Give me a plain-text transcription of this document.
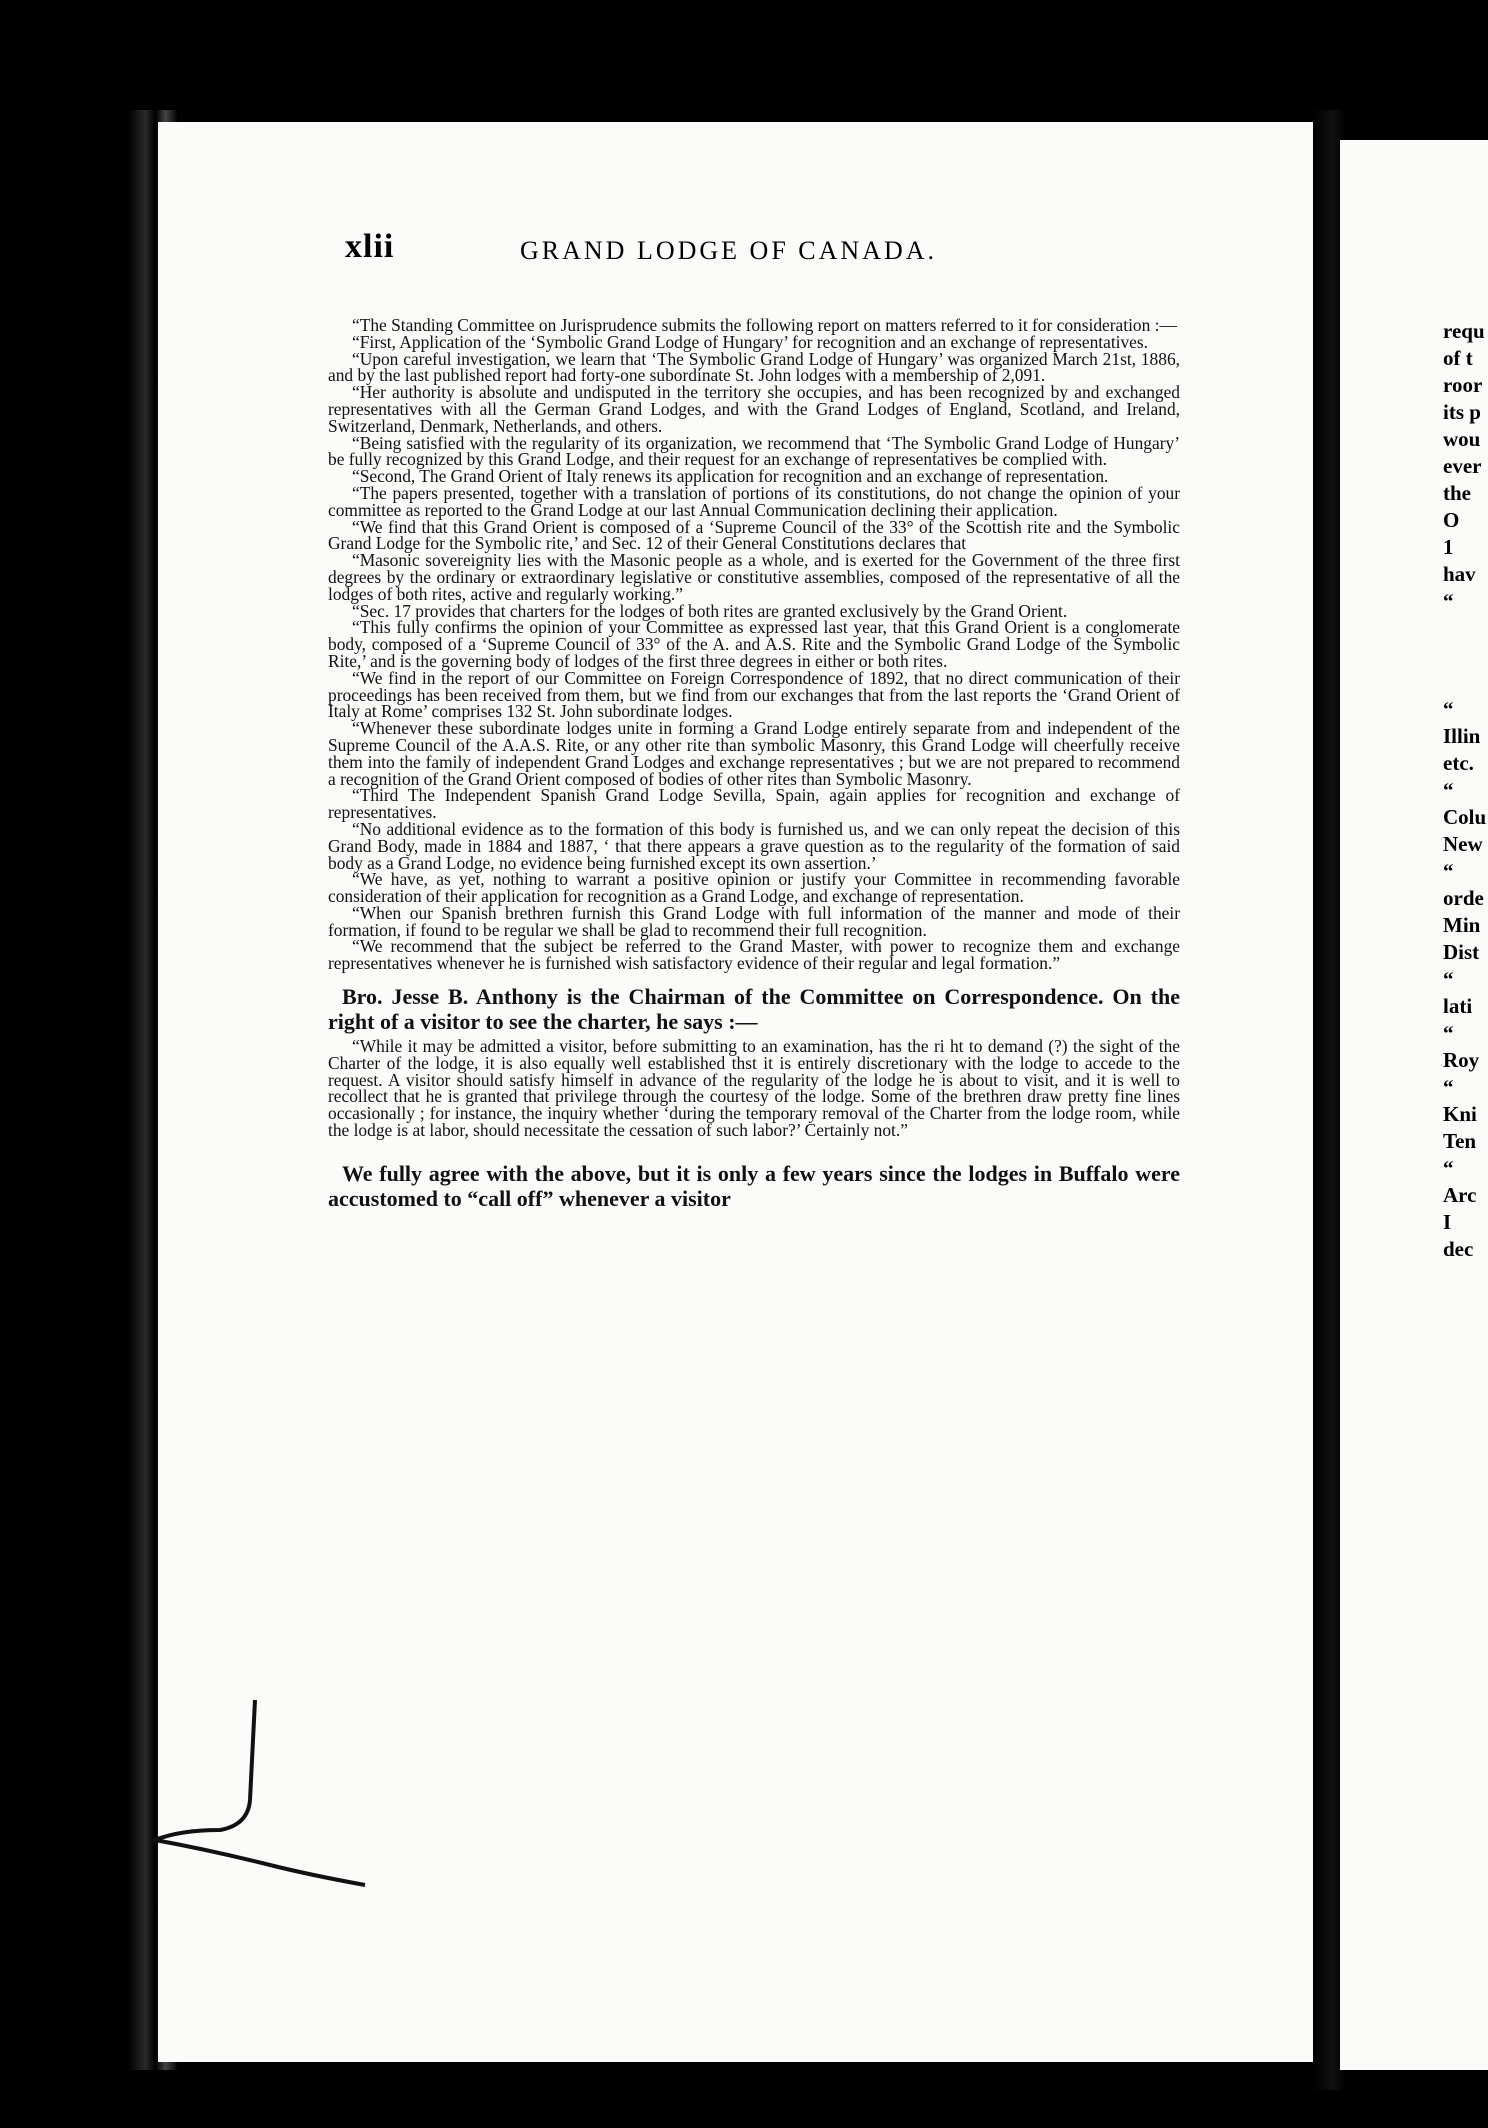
xlii	GRAND LODGE OF CANADA.

“The Standing Committee on Jurisprudence submits the following report on matters referred to it for consideration :—

“First, Application of the ‘Symbolic Grand Lodge of Hungary’ for recognition and an exchange of representatives.

“Upon careful investigation, we learn that ‘The Symbolic Grand Lodge of Hungary’ was organized March 21st, 1886, and by the last published report had forty-one subordinate St. John lodges with a membership of 2,091.

“Her authority is absolute and undisputed in the territory she occupies, and has been recognized by and exchanged representatives with all the German Grand Lodges, and with the Grand Lodges of England, Scotland, and Ireland, Switzerland, Denmark, Netherlands, and others.

“Being satisfied with the regularity of its organization, we recommend that ‘The Symbolic Grand Lodge of Hungary’ be fully recognized by this Grand Lodge, and their request for an exchange of representatives be complied with.

“Second, The Grand Orient of Italy renews its application for recognition and an exchange of representation.

“The papers presented, together with a translation of portions of its constitutions, do not change the opinion of your committee as reported to the Grand Lodge at our last Annual Communication declining their application.

“We find that this Grand Orient is composed of a ‘Supreme Council of the 33° of the Scottish rite and the Symbolic Grand Lodge for the Symbolic rite,’ and Sec. 12 of their General Constitutions declares that

“Masonic sovereignity lies with the Masonic people as a whole, and is exerted for the Government of the three first degrees by the ordinary or extraordinary legislative or constitutive assemblies, composed of the representative of all the lodges of both rites, active and regularly working.”

“Sec. 17 provides that charters for the lodges of both rites are granted exclusively by the Grand Orient.

“This fully confirms the opinion of your Committee as expressed last year, that this Grand Orient is a conglomerate body, composed of a ‘Supreme Council of 33° of the A. and A.S. Rite and the Symbolic Grand Lodge of the Symbolic Rite,’ and is the governing body of lodges of the first three degrees in either or both rites.

“We find in the report of our Committee on Foreign Correspondence of 1892, that no direct communication of their proceedings has been received from them, but we find from our exchanges that from the last reports the ‘Grand Orient of Italy at Rome’ comprises 132 St. John subordinate lodges.

“Whenever these subordinate lodges unite in forming a Grand Lodge entirely separate from and independent of the Supreme Council of the A.A.S. Rite, or any other rite than symbolic Masonry, this Grand Lodge will cheerfully receive them into the family of independent Grand Lodges and exchange representatives ; but we are not prepared to recommend a recognition of the Grand Orient composed of bodies of other rites than Symbolic Masonry.

“Third The Independent Spanish Grand Lodge Sevilla, Spain, again applies for recognition and exchange of representatives.

“No additional evidence as to the formation of this body is furnished us, and we can only repeat the decision of this Grand Body, made in 1884 and 1887, ‘ that there appears a grave question as to the regularity of the formation of said body as a Grand Lodge, no evidence being furnished except its own assertion.’

“We have, as yet, nothing to warrant a positive opinion or justify your Committee in recommending favorable consideration of their application for recognition as a Grand Lodge, and exchange of representation.

“When our Spanish brethren furnish this Grand Lodge with full information of the manner and mode of their formation, if found to be regular we shall be glad to recommend their full recognition.

“We recommend that the subject be referred to the Grand Master, with power to recognize them and exchange representatives whenever he is furnished wish satisfactory evidence of their regular and legal formation.”

Bro. Jesse B. Anthony is the Chairman of the Committee on Correspondence. On the right of a visitor to see the charter, he says :—

“While it may be admitted a visitor, before submitting to an examination, has the ri ht to demand (?) the sight of the Charter of the lodge, it is also equally well established thst it is entirely discretionary with the lodge to accede to the request. A visitor should satisfy himself in advance of the regularity of the lodge he is about to visit, and it is well to recollect that he is granted that privilege through the courtesy of the lodge. Some of the brethren draw pretty fine lines occasionally ; for instance, the inquiry whether ‘during the temporary removal of the Charter from the lodge room, while the lodge is at labor, should necessitate the cessation of such labor?’ Certainly not.”

We fully agree with the above, but it is only a few years since the lodges in Buffalo were accustomed to “call off” whenever a visitor

requ
of t
roor
its p
wou
ever
the
O
1
hav
“

“
Illin
etc.
“
Colu
New
“
orde
Min
Dist
“
lati
“
Roy
“
Kni
Ten
“
Arc
I
dec
